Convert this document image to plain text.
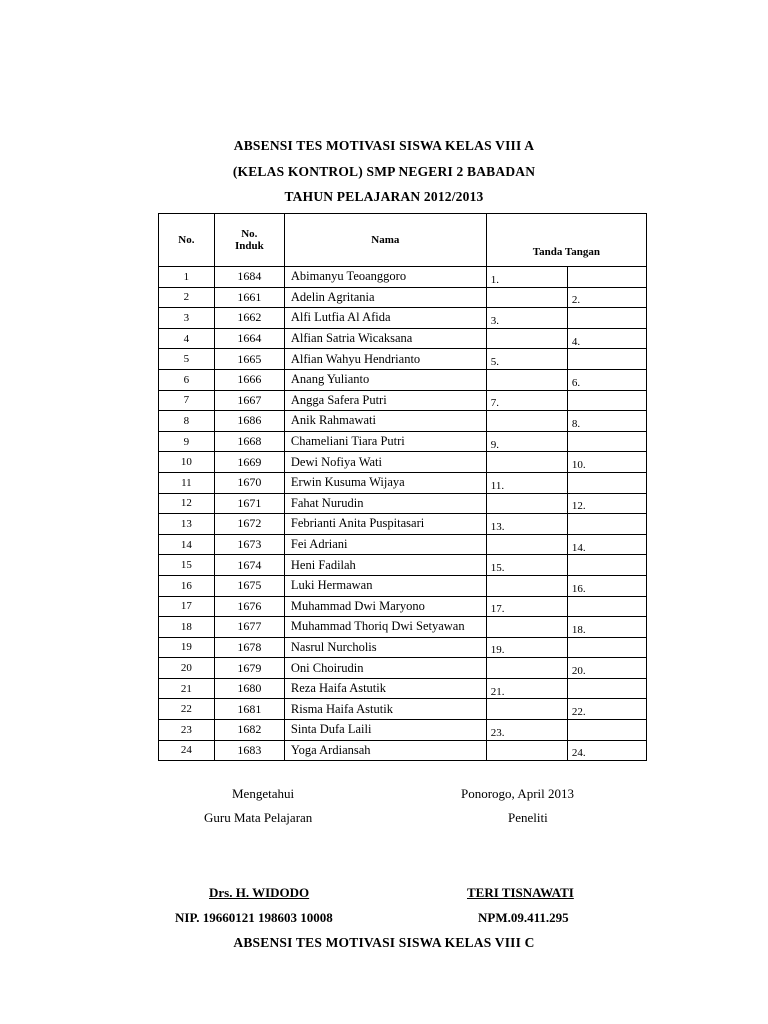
ABSENSI TES MOTIVASI SISWA KELAS VIII A
(KELAS KONTROL) SMP NEGERI 2 BABADAN
TAHUN PELAJARAN 2012/2013
No.	No. Induk	Nama	Tanda Tangan	
1	1684	Abimanyu Teoanggoro	1.	
2	1661	Adelin Agritania		2.
3	1662	Alfi Lutfia Al Afida	3.	
4	1664	Alfian Satria Wicaksana		4.
5	1665	Alfian Wahyu Hendrianto	5.	
6	1666	Anang Yulianto		6.
7	1667	Angga Safera Putri	7.	
8	1686	Anik Rahmawati		8.
9	1668	Chameliani Tiara Putri	9.	
10	1669	Dewi Nofiya Wati		10.
11	1670	Erwin Kusuma Wijaya	11.	
12	1671	Fahat Nurudin		12.
13	1672	Febrianti Anita Puspitasari	13.	
14	1673	Fei Adriani		14.
15	1674	Heni Fadilah	15.	
16	1675	Luki Hermawan		16.
17	1676	Muhammad Dwi Maryono	17.	
18	1677	Muhammad Thoriq Dwi Setyawan		18.
19	1678	Nasrul Nurcholis	19.	
20	1679	Oni Choirudin		20.
21	1680	Reza Haifa Astutik	21.	
22	1681	Risma Haifa Astutik		22.
23	1682	Sinta Dufa Laili	23.	
24	1683	Yoga Ardiansah		24.
Mengetahui	Ponorogo, April 2013
Guru Mata Pelajaran	Peneliti
Drs. H. WIDODO	TERI TISNAWATI
NIP. 19660121 198603 10008	NPM.09.411.295
ABSENSI TES MOTIVASI SISWA KELAS VIII C
